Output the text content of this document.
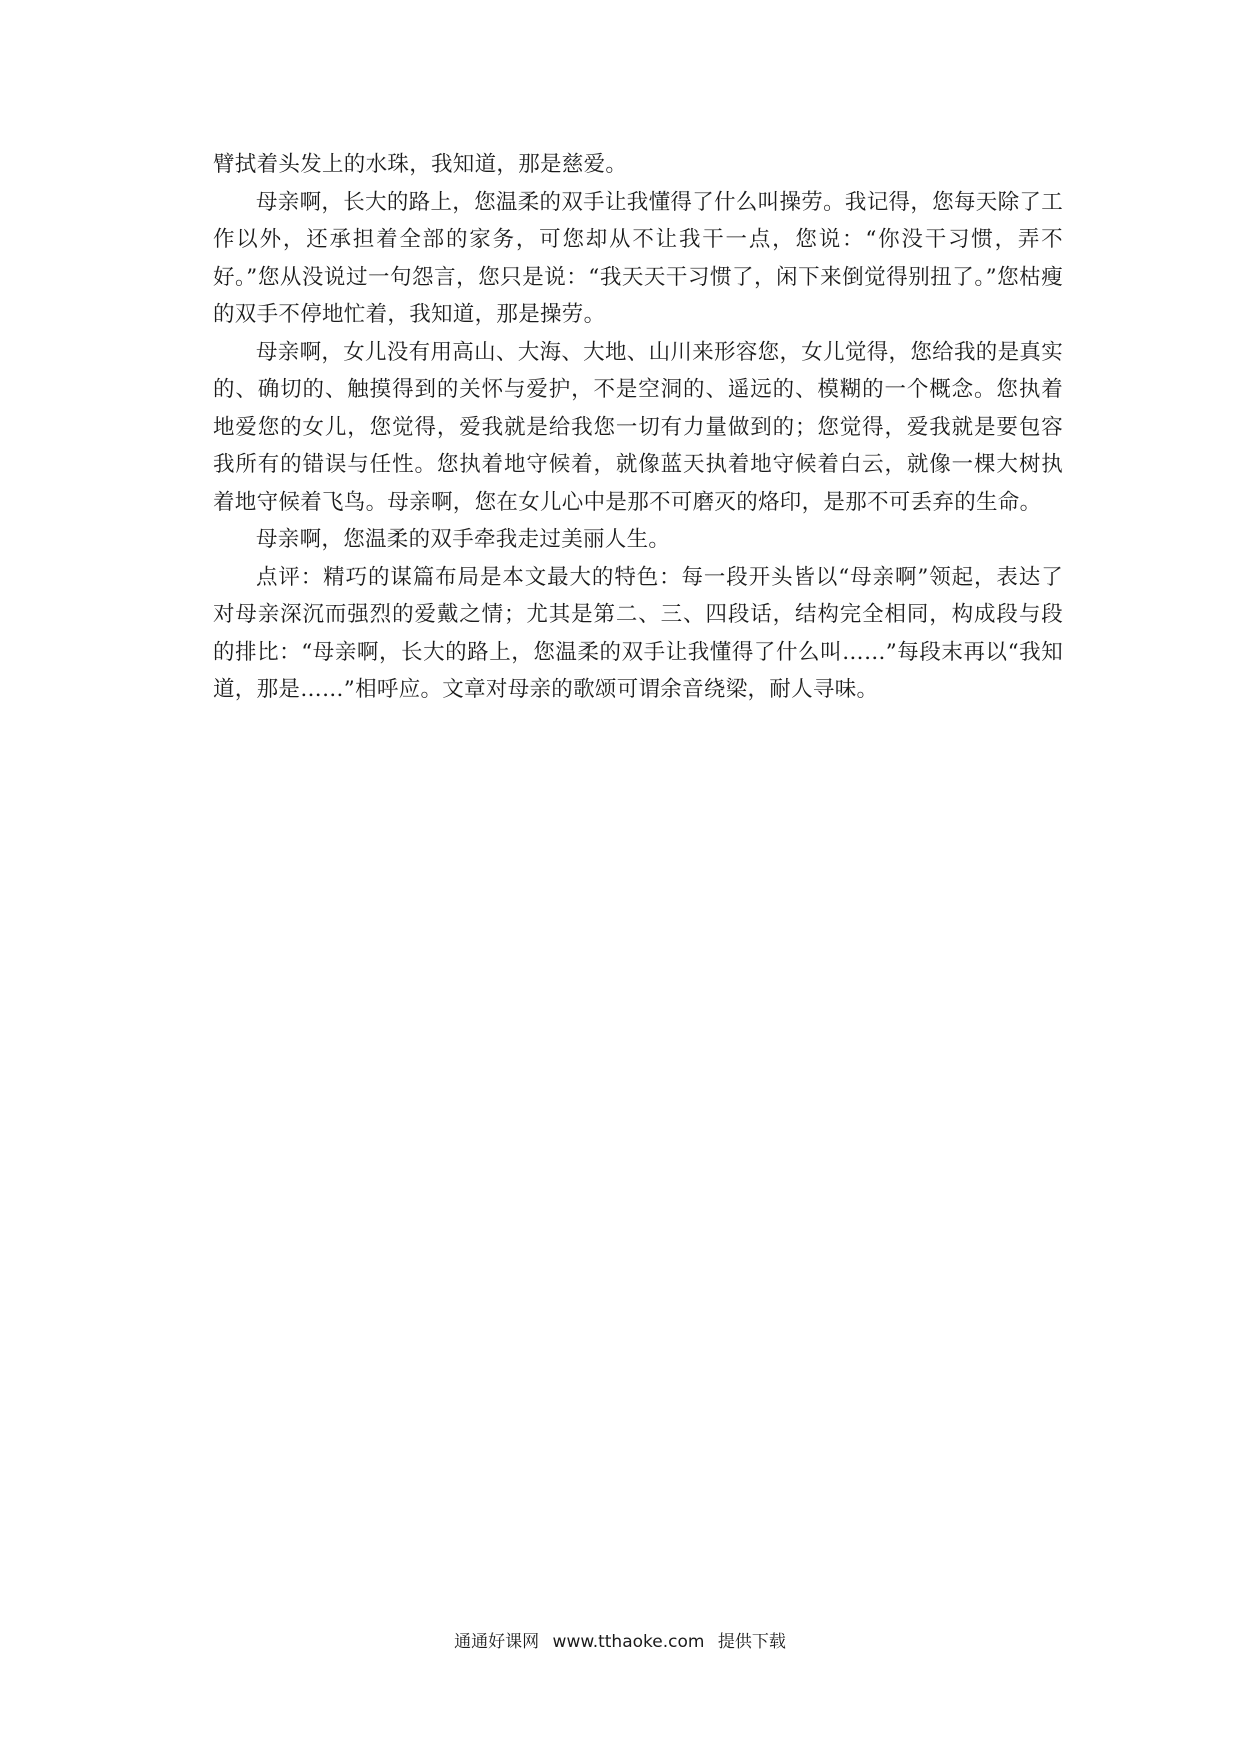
臂拭着头发上的水珠，我知道，那是慈爱。

母亲啊，长大的路上，您温柔的双手让我懂得了什么叫操劳。我记得，您每天除了工作以外，还承担着全部的家务，可您却从不让我干一点，您说：“你没干习惯，弄不好。”您从没说过一句怨言，您只是说：“我天天干习惯了，闲下来倒觉得别扭了。”您枯瘦的双手不停地忙着，我知道，那是操劳。

母亲啊，女儿没有用高山、大海、大地、山川来形容您，女儿觉得，您给我的是真实的、确切的、触摸得到的关怀与爱护，不是空洞的、遥远的、模糊的一个概念。您执着地爱您的女儿，您觉得，爱我就是给我您一切有力量做到的；您觉得，爱我就是要包容我所有的错误与任性。您执着地守候着，就像蓝天执着地守候着白云，就像一棵大树执着地守候着飞鸟。母亲啊，您在女儿心中是那不可磨灭的烙印，是那不可丢弃的生命。

母亲啊，您温柔的双手牵我走过美丽人生。

点评：精巧的谋篇布局是本文最大的特色：每一段开头皆以“母亲啊”领起，表达了对母亲深沉而强烈的爱戴之情；尤其是第二、三、四段话，结构完全相同，构成段与段的排比：“母亲啊，长大的路上，您温柔的双手让我懂得了什么叫……”每段末再以“我知道，那是……”相呼应。文章对母亲的歌颂可谓余音绕梁，耐人寻味。

通通好课网 www.tthaoke.com 提供下载
